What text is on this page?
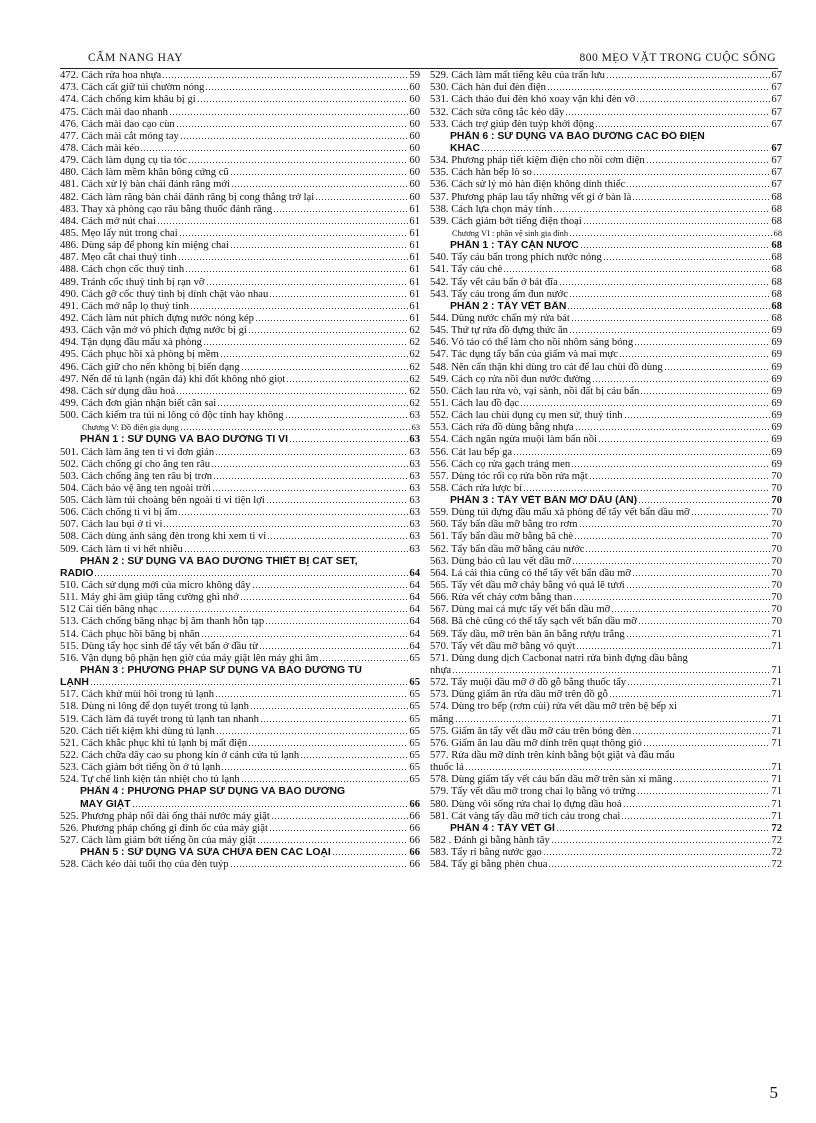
CẨM NANG HAY	800 MẸO VẶT TRONG CUỘC SỐNG
472. Cách rửa hoa nhựa	59
473. Cách cất giữ túi chườm nóng	60
474. Cách chống kim khâu bị gỉ	60
475. Cách mài dao nhanh	60
476. Cách mài dao cạo cùn	60
477. Cách mài cắt móng tay	60
478. Cách mài kéo	60
479. Cách làm dụng cụ tỉa tóc	60
480. Cách làm mềm khăn bông cứng cũ	60
481. Cách xử lý bàn chải đánh răng mới	60
482. Cách làm răng bàn chải đánh răng bị cong thẳng trở lại	60
483. Thay xà phòng cạo râu bằng thuốc đánh răng	61
484. Cách mở nút chai	61
485. Mẹo lấy nút trong chai	61
486. Dùng sáp để phong kín miệng chai	61
487. Mẹo cắt chai thuỷ tinh	61
488. Cách chọn cốc thuỷ tinh	61
489. Tránh cốc thuỷ tinh bị rạn vỡ	61
490. Cách gỡ cốc thuỷ tinh bị dính chặt vào nhau	61
491. Cách mở nắp lọ thuỷ tinh	61
492. Cách làm nút phích đựng nước nóng kép	61
493. Cách vặn mở vỏ phích đựng nước bị gỉ	62
494. Tận dụng đầu mẩu xà phòng	62
495. Cách phục hồi xà phòng bị mềm	62
496. Cách giữ cho nến không bị biến dạng	62
497. Nến để tủ lạnh (ngăn đá) khi đốt không nhỏ giọt	62
498. Cách sử dụng dầu hoả	62
499. Cách đơn giản nhận biết cân sai	62
500. Cách kiểm tra túi ni lông có độc tính hay không	63
Chương V: Đồ điện gia dụng	63
PHẦN 1 : SỬ DỤNG VÀ BẢO DƯỠNG TI VI	63
501. Cách làm ăng ten ti vi đơn giản	63
502. Cách chống gỉ cho ăng ten râu	63
503. Cách chống ăng ten râu bị trơn	63
504. Cách bảo vệ ăng ten ngoài trời	63
505. Cách làm túi choàng bên ngoài ti vi tiện lợi	63
506. Cách chống ti vi bị ẩm	63
507. Cách lau bụi ở ti vi	63
508. Cách dùng ánh sáng đèn trong khi xem ti vi	63
509. Cách làm ti vi hết nhiễu	63
PHẦN 2 : SỬ DỤNG VÀ BẢO DƯỠNG THIẾT BỊ CAT SET,
RADIO	64
510. Cách sử dụng mới của micro không dây	64
511. Máy ghi âm giúp tăng cường ghi nhớ	64
512 Cải tiến băng nhạc	64
513. Cách chống băng nhạc bị âm thanh hỗn tạp	64
514. Cách phục hồi băng bị nhăn	64
515. Dùng tẩy học sinh để tẩy vết bẩn ở đầu từ	64
516. Vận dụng bộ phận hẹn giờ của máy giặt lên máy ghi âm	65
PHẦN 3 : PHƯƠNG PHÁP SỬ DỤNG VÀ BẢO DƯỠNG TỦ
LẠNH	65
517. Cách khử mùi hôi trong tủ lạnh	65
518. Dùng ni lông để dọn tuyết trong tủ lạnh	65
519. Cách làm đá tuyết trong tủ lạnh tan nhanh	65
520. Cách tiết kiệm khi dùng tủ lạnh	65
521. Cách khắc phục khi tủ lạnh bị mất điện	65
522. Cách chữa dây cao su phong kín ở cánh cửa tủ lạnh	65
523. Cách giảm bớt tiếng ồn ở tủ lạnh	65
524. Tự chế linh kiện tản nhiệt cho tủ lạnh	65
PHẦN 4 : PHƯƠNG PHÁP SỬ DỤNG VÀ BẢO DƯỠNG
MÁY GIẶT	66
525. Phương pháp nối dài ống thải nước máy giặt	66
526. Phương pháp chống gỉ đinh ốc của máy giặt	66
527. Cách làm giảm bớt tiếng ồn của máy giặt	66
PHẦN 5 : SỬ DỤNG VÀ SỬA CHỮA ĐÈN CÁC LOẠI	66
528. Cách kéo dài tuổi thọ của đèn tuýp	66
529. Cách làm mất tiếng kêu của trấn lưu	67
530. Cách hàn đui đèn điện	67
531. Cách tháo đui đèn khó xoay vặn khi đèn vỡ	67
532. Cách sửa công tắc kéo dây	67
533. Cách trợ giúp đèn tuýp khởi động	67
PHẦN 6 : SỬ DỤNG VÀ BẢO DƯỠNG CÁC ĐỒ ĐIỆN
KHÁC	67
534. Phương pháp tiết kiệm điện cho nồi cơm điện	67
535. Cách hàn bếp lò so	67
536. Cách sử lý mỏ hàn điện không dính thiếc	67
537. Phương pháp lau tẩy những vết gỉ ở bàn là	68
538. Cách lựa chọn máy tính	68
539. Cách giảm bớt tiếng điện thoại	68
Chương VI : phần vệ sinh gia đình	68
PHẦN 1 : TẨY CẶN NƯỚC	68
540. Tẩy cáu bẩn trong phích nước nóng	68
541. Tẩy cáu chè	68
542. Tẩy vết cáu bẩn ở bát đĩa	68
543. Tẩy cáu trong ấm đun nước	68
PHẦN 2 : TẨY VẾT BẨN	68
544. Dùng nước chấn mỳ rửa bát	68
545. Thứ tự rửa đồ đựng thức ăn	69
546. Vỏ táo có thể làm cho nồi nhôm sáng bóng	69
547. Tác dụng tẩy bẩn của giấm và mai mực	69
548. Nên cẩn thận khi dùng tro cát để lau chùi đồ dùng	69
549. Cách cọ rửa nồi đun nước đường	69
550. Cách lau rửa vò, vại sành, nồi đất bị cáu bẩn	69
551. Cách lau đồ đạc	69
552. Cách lau chùi dụng cụ men sứ, thuỷ tinh	69
553. Cách rửa đồ dùng bằng nhựa	69
554. Cách ngăn ngừa muội làm bẩn nồi	69
556. Cát lau bếp ga	69
556. Cách cọ rửa gạch tráng men	69
557. Dùng tóc rối cọ rửa bồn rửa mặt	70
558. Cách rửa lược bí	70
PHẦN 3 : TẨY VẾT BẨN MỠ DẦU (ĂN)	70
559. Dùng túi đựng đầu mẩu xà phòng để tẩy vết bẩn dầu mỡ	70
560. Tẩy bẩn dầu mỡ bằng tro rơm	70
561. Tẩy bẩn dầu mỡ bằng bã chè	70
562. Tẩy bẩn dầu mỡ bằng cáu nước	70
563. Dùng báo cũ lau vết dầu mỡ	70
564. Lá cải thìa cũng có thể tẩy vết bẩn dầu mỡ	70
565. Tẩy vết dầu mỡ cháy bằng vỏ quả lê tươi	70
566. Rửa vết cháy cơm bằng than	70
567. Dùng mai cá mực tẩy vết bẩn dầu mỡ	70
568. Bã chè cũng có thể tẩy sạch vết bẩn dầu mỡ	70
569. Tẩy dầu, mỡ trên bàn ăn bằng rượu trắng	71
570. Tẩy vết dầu mỡ bằng vỏ quýt	71
571. Dùng dung dịch Cacbonat natri rửa bình đựng dầu bằng
nhựa	71
572. Tẩy muội dầu mỡ ở đồ gỗ bằng thuốc tẩy	71
573. Dùng giấm ăn rửa dầu mỡ trên đồ gỗ	71
574. Dùng tro bếp (rơm củi) rửa vết dầu mỡ trên bệ bếp xi
măng	71
575. Giấm ăn tẩy vết dầu mỡ cáu trên bóng đèn	71
576. Giấm ăn lau dầu mỡ dính trên quạt thông gió	71
577. Rửa dầu mỡ dính trên kính bằng bột giặt và đầu mẩu
thuốc lá	71
578. Dùng giấm tẩy vết cáu bẩn dầu mỡ trên sàn xi măng	71
579. Tẩy vết dầu mỡ trong chai lọ bằng vỏ trứng	71
580. Dùng vôi sống rửa chai lọ đựng dầu hoả	71
581. Cát vàng tẩy dầu mỡ tích cáu trong chai	71
PHẦN 4 : TẨY VẾT GỈ	72
582 . Đánh gỉ bằng hành tây	72
583. Tẩy rỉ bằng nước gạo	72
584. Tẩy gỉ bằng phèn chua	72
5
